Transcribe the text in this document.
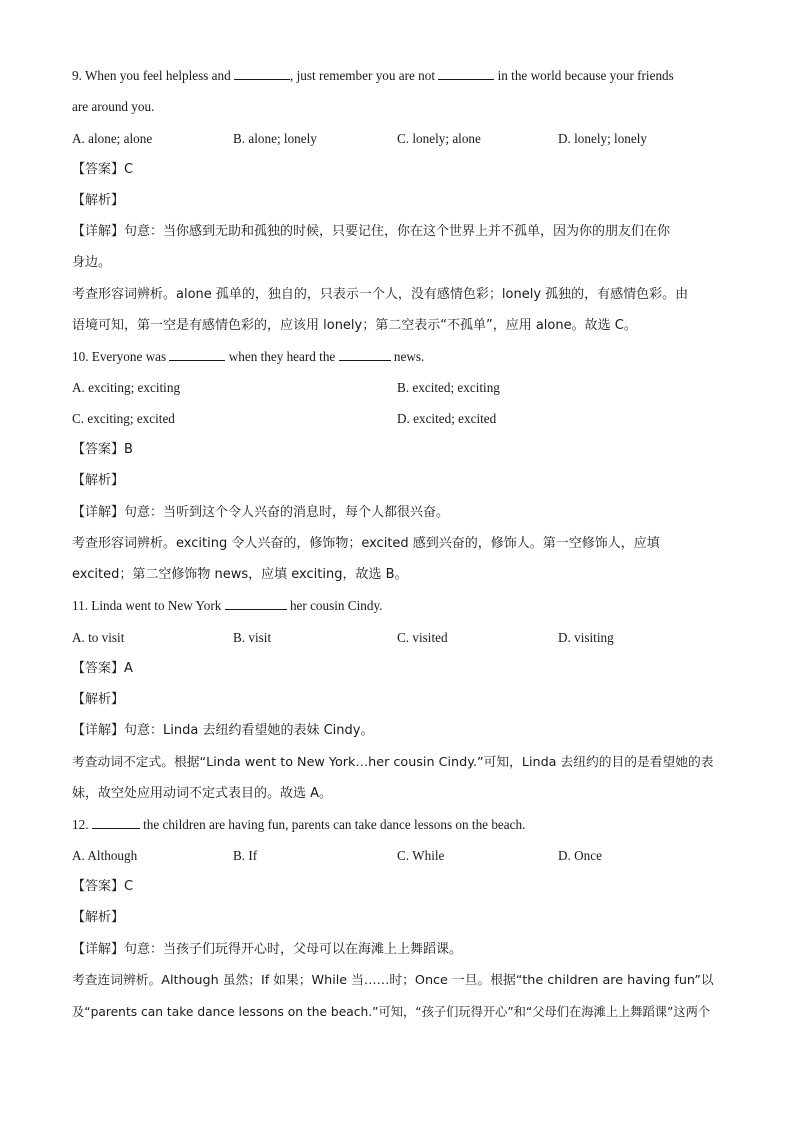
9. When you feel helpless and	, just remember you are not	in the world because your friends
are around you.
A. alone; alone	B. alone; lonely	C. lonely; alone	D. lonely; lonely
【答案】C
【解析】
【详解】句意：当你感到无助和孤独的时候，只要记住，你在这个世界上并不孤单，因为你的朋友们在你
身边。
考查形容词辨析。alone 孤单的，独自的，只表示一个人，没有感情色彩；lonely 孤独的，有感情色彩。由
语境可知，第一空是有感情色彩的，应该用 lonely；第二空表示“不孤单”，应用 alone。故选 C。
10. Everyone was	when they heard the	news.
A. exciting; exciting	B. excited; exciting
C. exciting; excited	D. excited; excited
【答案】B
【解析】
【详解】句意：当听到这个令人兴奋的消息时，每个人都很兴奋。
考查形容词辨析。exciting 令人兴奋的，修饰物；excited 感到兴奋的，修饰人。第一空修饰人，应填
excited；第二空修饰物 news，应填 exciting，故选 B。
11. Linda went to New York	her cousin Cindy.
A. to visit	B. visit	C. visited	D. visiting
【答案】A
【解析】
【详解】句意：Linda 去纽约看望她的表妹 Cindy。
考查动词不定式。根据“Linda went to New York…her cousin Cindy.”可知，Linda 去纽约的目的是看望她的表
妹，故空处应用动词不定式表目的。故选 A。
12.	the children are having fun, parents can take dance lessons on the beach.
A. Although	B. If	C. While	D. Once
【答案】C
【解析】
【详解】句意：当孩子们玩得开心时，父母可以在海滩上上舞蹈课。
考查连词辨析。Although 虽然；If 如果；While 当……时；Once 一旦。根据“the children are having fun”以
及“parents can take dance lessons on the beach.”可知，“孩子们玩得开心”和“父母们在海滩上上舞蹈课”这两个
